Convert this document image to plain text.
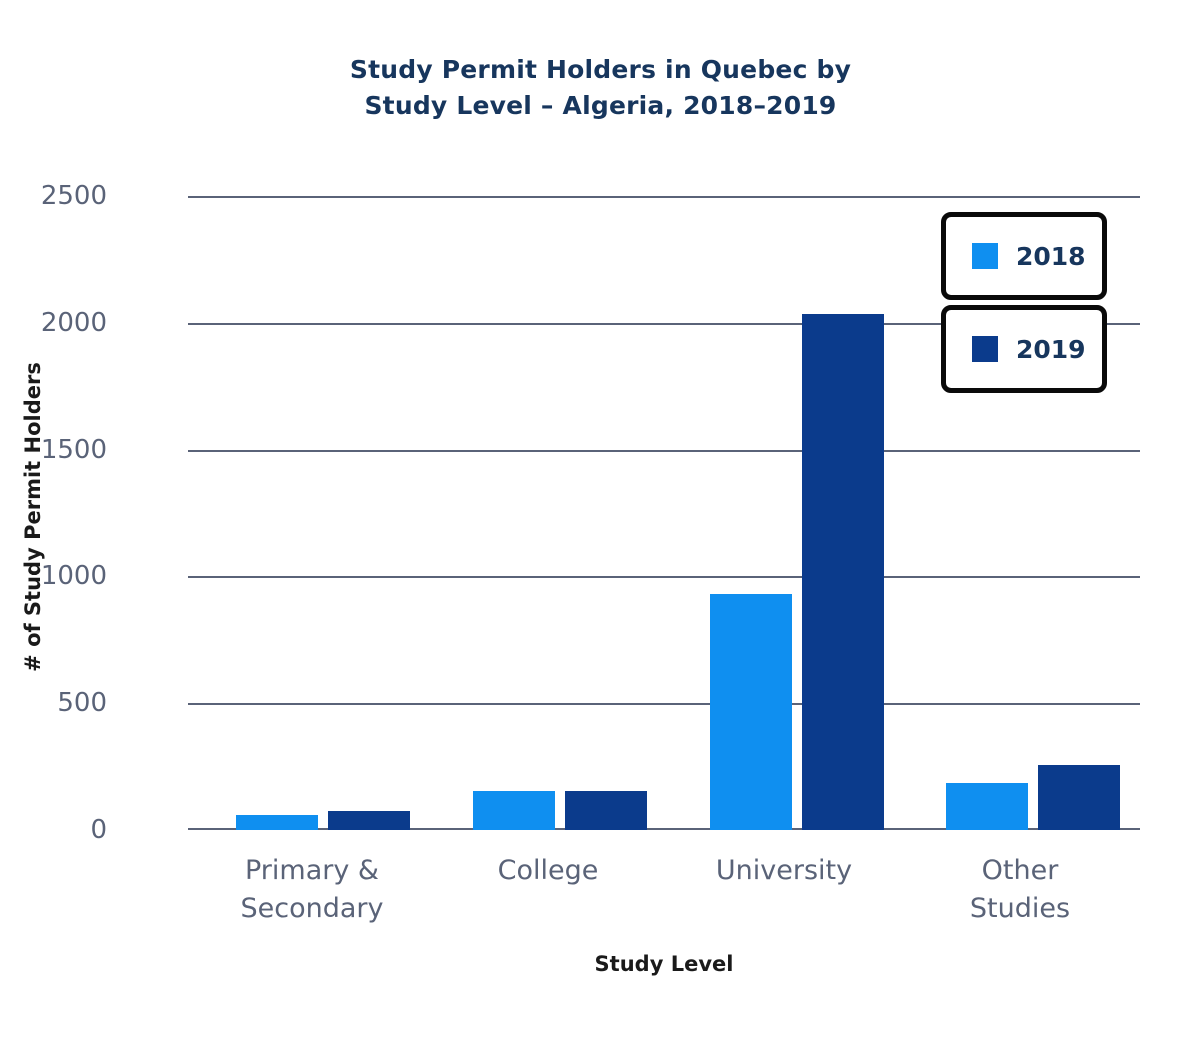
Study Permit Holders in Quebec by
Study Level – Algeria, 2018–2019
2500
2000
1500
1000
500
0
Primary &
Secondary
College	University	Other
Studies
Study Level
# of Study Permit Holders
2018
2019
